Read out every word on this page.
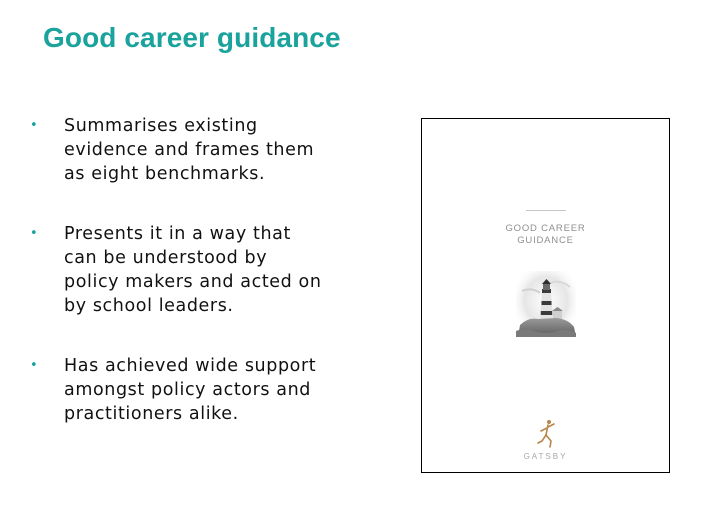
Good career guidance
• Summarises existing evidence and frames them as eight benchmarks.
• Presents it in a way that can be understood by policy makers and acted on by school leaders.
• Has achieved wide support amongst policy actors and practitioners alike.
GOOD CAREER
GUIDANCE
GATSBY
